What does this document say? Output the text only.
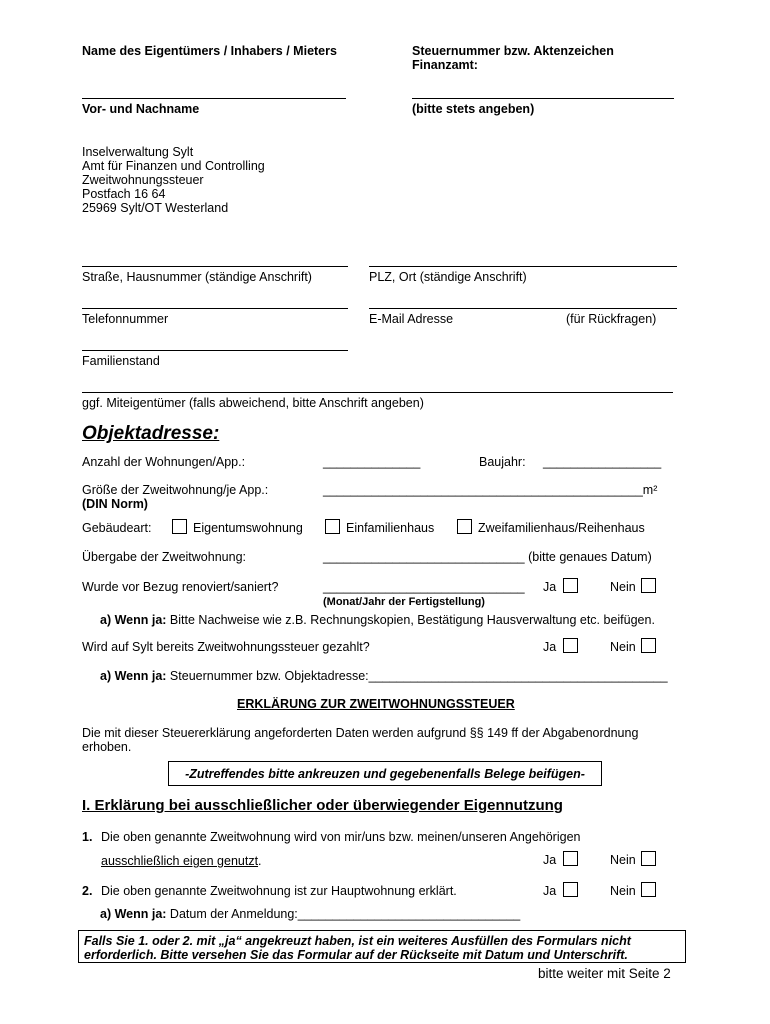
Name des Eigentümers / Inhabers / Mieters	Steuernummer bzw. Aktenzeichen
Finanzamt:
Vor- und Nachname	(bitte stets angeben)
Inselverwaltung Sylt
Amt für Finanzen und Controlling
Zweitwohnungssteuer
Postfach 16 64
25969 Sylt/OT Westerland
Straße, Hausnummer (ständige Anschrift)	PLZ, Ort (ständige Anschrift)
Telefonnummer	E-Mail Adresse	(für Rückfragen)
Familienstand
ggf. Miteigentümer (falls abweichend, bitte Anschrift angeben)
Objektadresse:
Anzahl der Wohnungen/App.:	______________	Baujahr: _________________
Größe der Zweitwohnung/je App.:	______________________________________________m²
(DIN Norm)
Gebäudeart:	Eigentumswohnung	Einfamilienhaus	Zweifamilienhaus/Reihenhaus
Übergabe der Zweitwohnung:	_____________________________ (bitte genaues Datum)
Wurde vor Bezug renoviert/saniert?	_____________________________ Ja	Nein
(Monat/Jahr der Fertigstellung)
a) Wenn ja: Bitte Nachweise wie z.B. Rechnungskopien, Bestätigung Hausverwaltung etc. beifügen.
Wird auf Sylt bereits Zweitwohnungssteuer gezahlt?	Ja	Nein
a) Wenn ja: Steuernummer bzw. Objektadresse:___________________________________________
ERKLÄRUNG ZUR ZWEITWOHNUNGSSTEUER
Die mit dieser Steuererklärung angeforderten Daten werden aufgrund §§ 149 ff der Abgabenordnung
erhoben.
-Zutreffendes bitte ankreuzen und gegebenenfalls Belege beifügen-
I. Erklärung bei ausschließlicher oder überwiegender Eigennutzung
1. Die oben genannte Zweitwohnung wird von mir/uns bzw. meinen/unseren Angehörigen
ausschließlich eigen genutzt.	Ja	Nein
2. Die oben genannte Zweitwohnung ist zur Hauptwohnung erklärt.	Ja	Nein
a) Wenn ja: Datum der Anmeldung:________________________________
Falls Sie 1. oder 2. mit „ja“ angekreuzt haben, ist ein weiteres Ausfüllen des Formulars nicht
erforderlich. Bitte versehen Sie das Formular auf der Rückseite mit Datum und Unterschrift.
bitte weiter mit Seite 2
